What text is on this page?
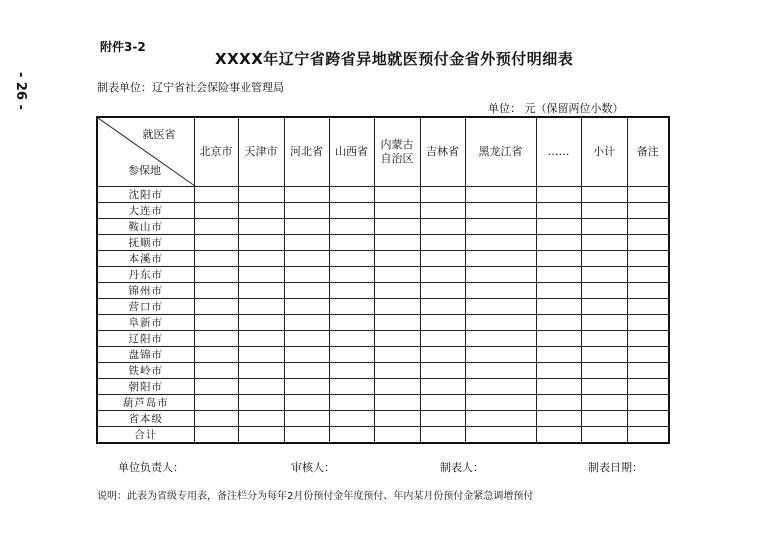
- 26 -
附件3-2
XXXX年辽宁省跨省异地就医预付金省外预付明细表
制表单位：辽宁省社会保险事业管理局
单位： 元（保留两位小数）
就医省
参保地	北京市	天津市	河北省	山西省	内蒙古自治区	吉林省	黑龙江省	……	小计	备注
沈阳市										
大连市										
鞍山市										
抚顺市										
本溪市										
丹东市										
锦州市										
营口市										
阜新市										
辽阳市										
盘锦市										
铁岭市										
朝阳市										
葫芦岛市										
省本级										
合计										
单位负责人：	审核人：	制表人：	制表日期：
说明：此表为省级专用表，备注栏分为每年2月份预付金年度预付、年内某月份预付金紧急调增预付
